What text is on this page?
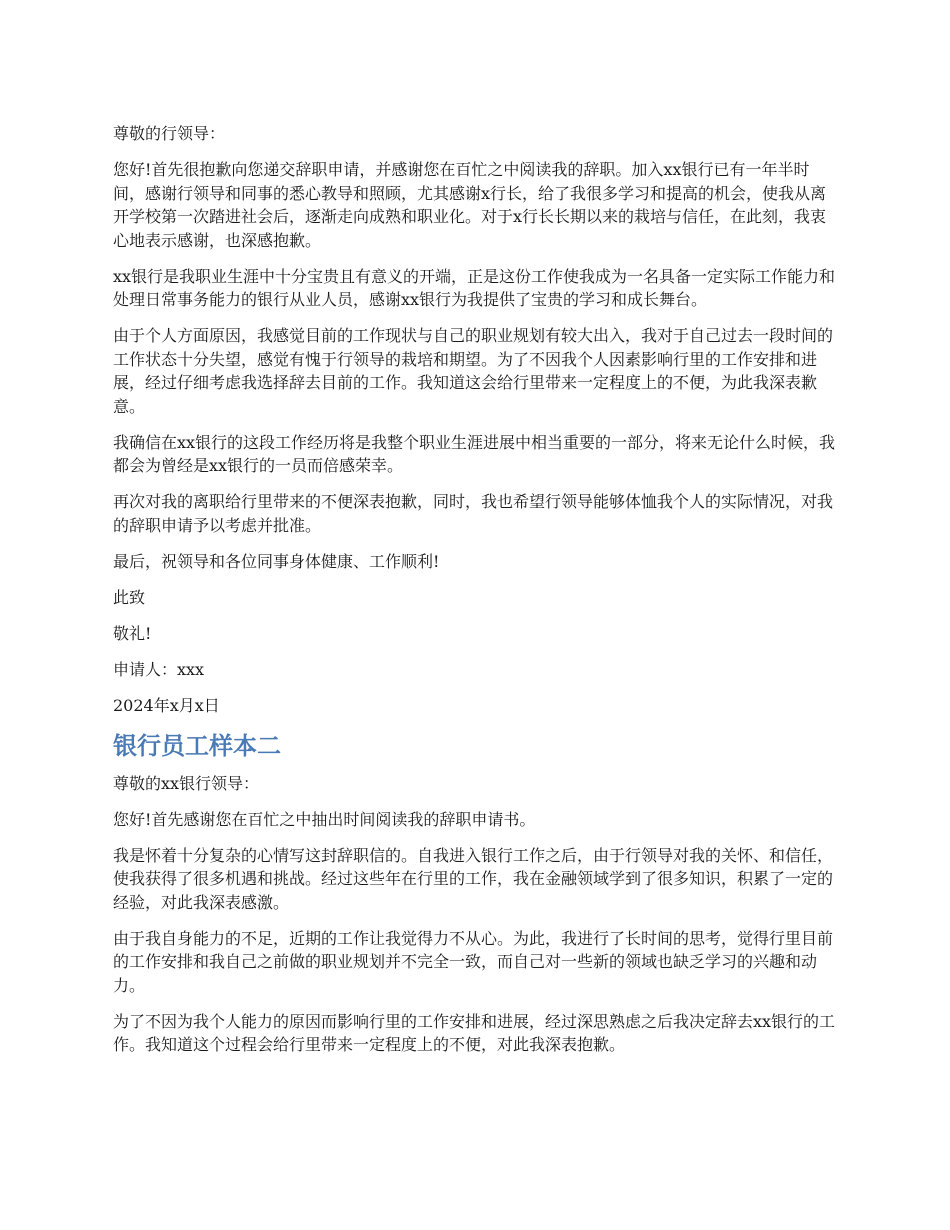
尊敬的行领导：

您好!首先很抱歉向您递交辞职申请，并感谢您在百忙之中阅读我的辞职。加入xx银行已有一年半时间，感谢行领导和同事的悉心教导和照顾，尤其感谢x行长，给了我很多学习和提高的机会，使我从离开学校第一次踏进社会后，逐渐走向成熟和职业化。对于x行长长期以来的栽培与信任，在此刻，我衷心地表示感谢，也深感抱歉。

xx银行是我职业生涯中十分宝贵且有意义的开端，正是这份工作使我成为一名具备一定实际工作能力和处理日常事务能力的银行从业人员，感谢xx银行为我提供了宝贵的学习和成长舞台。

由于个人方面原因，我感觉目前的工作现状与自己的职业规划有较大出入，我对于自己过去一段时间的工作状态十分失望，感觉有愧于行领导的栽培和期望。为了不因我个人因素影响行里的工作安排和进展，经过仔细考虑我选择辞去目前的工作。我知道这会给行里带来一定程度上的不便，为此我深表歉意。

我确信在xx银行的这段工作经历将是我整个职业生涯进展中相当重要的一部分，将来无论什么时候，我都会为曾经是xx银行的一员而倍感荣幸。

再次对我的离职给行里带来的不便深表抱歉，同时，我也希望行领导能够体恤我个人的实际情况，对我的辞职申请予以考虑并批准。

最后，祝领导和各位同事身体健康、工作顺利!

此致

敬礼!

申请人：xxx

2024年x月x日

银行员工样本二

尊敬的xx银行领导：

您好!首先感谢您在百忙之中抽出时间阅读我的辞职申请书。

我是怀着十分复杂的心情写这封辞职信的。自我进入银行工作之后，由于行领导对我的关怀、和信任，使我获得了很多机遇和挑战。经过这些年在行里的工作，我在金融领域学到了很多知识，积累了一定的经验，对此我深表感激。

由于我自身能力的不足，近期的工作让我觉得力不从心。为此，我进行了长时间的思考，觉得行里目前的工作安排和我自己之前做的职业规划并不完全一致，而自己对一些新的领域也缺乏学习的兴趣和动力。

为了不因为我个人能力的原因而影响行里的工作安排和进展，经过深思熟虑之后我决定辞去xx银行的工作。我知道这个过程会给行里带来一定程度上的不便，对此我深表抱歉。
